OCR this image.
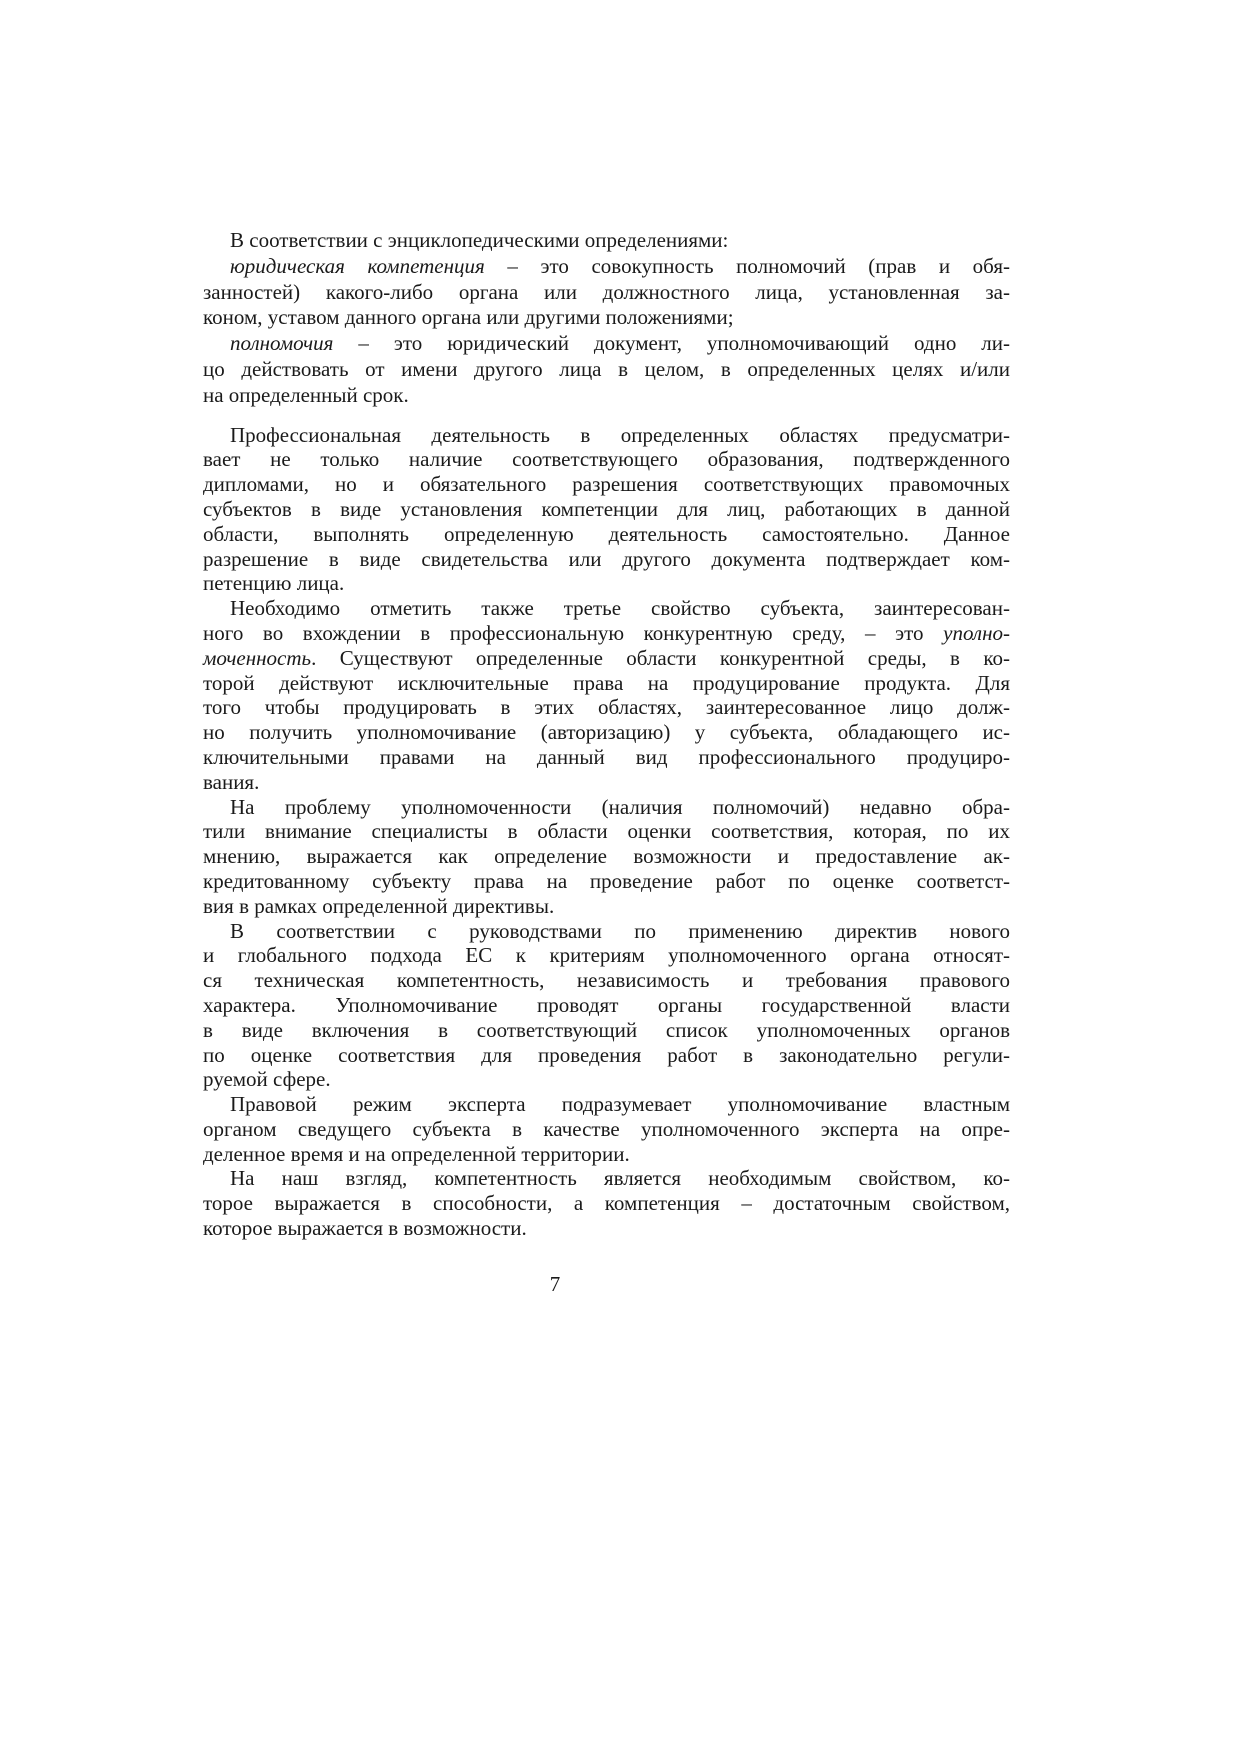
В соответствии с энциклопедическими определениями:
юридическая компетенция – это совокупность полномочий (прав и обя-
занностей) какого-либо органа или должностного лица, установленная за-
коном, уставом данного органа или другими положениями;
полномочия – это юридический документ, уполномочивающий одно ли-
цо действовать от имени другого лица в целом, в определенных целях и/или
на определенный срок.
Профессиональная деятельность в определенных областях предусматри-
вает не только наличие соответствующего образования, подтвержденного
дипломами, но и обязательного разрешения соответствующих правомочных
субъектов в виде установления компетенции для лиц, работающих в данной
области, выполнять определенную деятельность самостоятельно. Данное
разрешение в виде свидетельства или другого документа подтверждает ком-
петенцию лица.
Необходимо отметить также третье свойство субъекта, заинтересован-
ного во вхождении в профессиональную конкурентную среду, – это уполно-
моченность. Существуют определенные области конкурентной среды, в ко-
торой действуют исключительные права на продуцирование продукта. Для
того чтобы продуцировать в этих областях, заинтересованное лицо долж-
но получить уполномочивание (авторизацию) у субъекта, обладающего ис-
ключительными правами на данный вид профессионального продуциро-
вания.
На проблему уполномоченности (наличия полномочий) недавно обра-
тили внимание специалисты в области оценки соответствия, которая, по их
мнению, выражается как определение возможности и предоставление ак-
кредитованному субъекту права на проведение работ по оценке соответст-
вия в рамках определенной директивы.
В соответствии с руководствами по применению директив нового
и глобального подхода ЕС к критериям уполномоченного органа относят-
ся техническая компетентность, независимость и требования правового
характера. Уполномочивание проводят органы государственной власти
в виде включения в соответствующий список уполномоченных органов
по оценке соответствия для проведения работ в законодательно регули-
руемой сфере.
Правовой режим эксперта подразумевает уполномочивание властным
органом сведущего субъекта в качестве уполномоченного эксперта на опре-
деленное время и на определенной территории.
На наш взгляд, компетентность является необходимым свойством, ко-
торое выражается в способности, а компетенция – достаточным свойством,
которое выражается в возможности.
7
